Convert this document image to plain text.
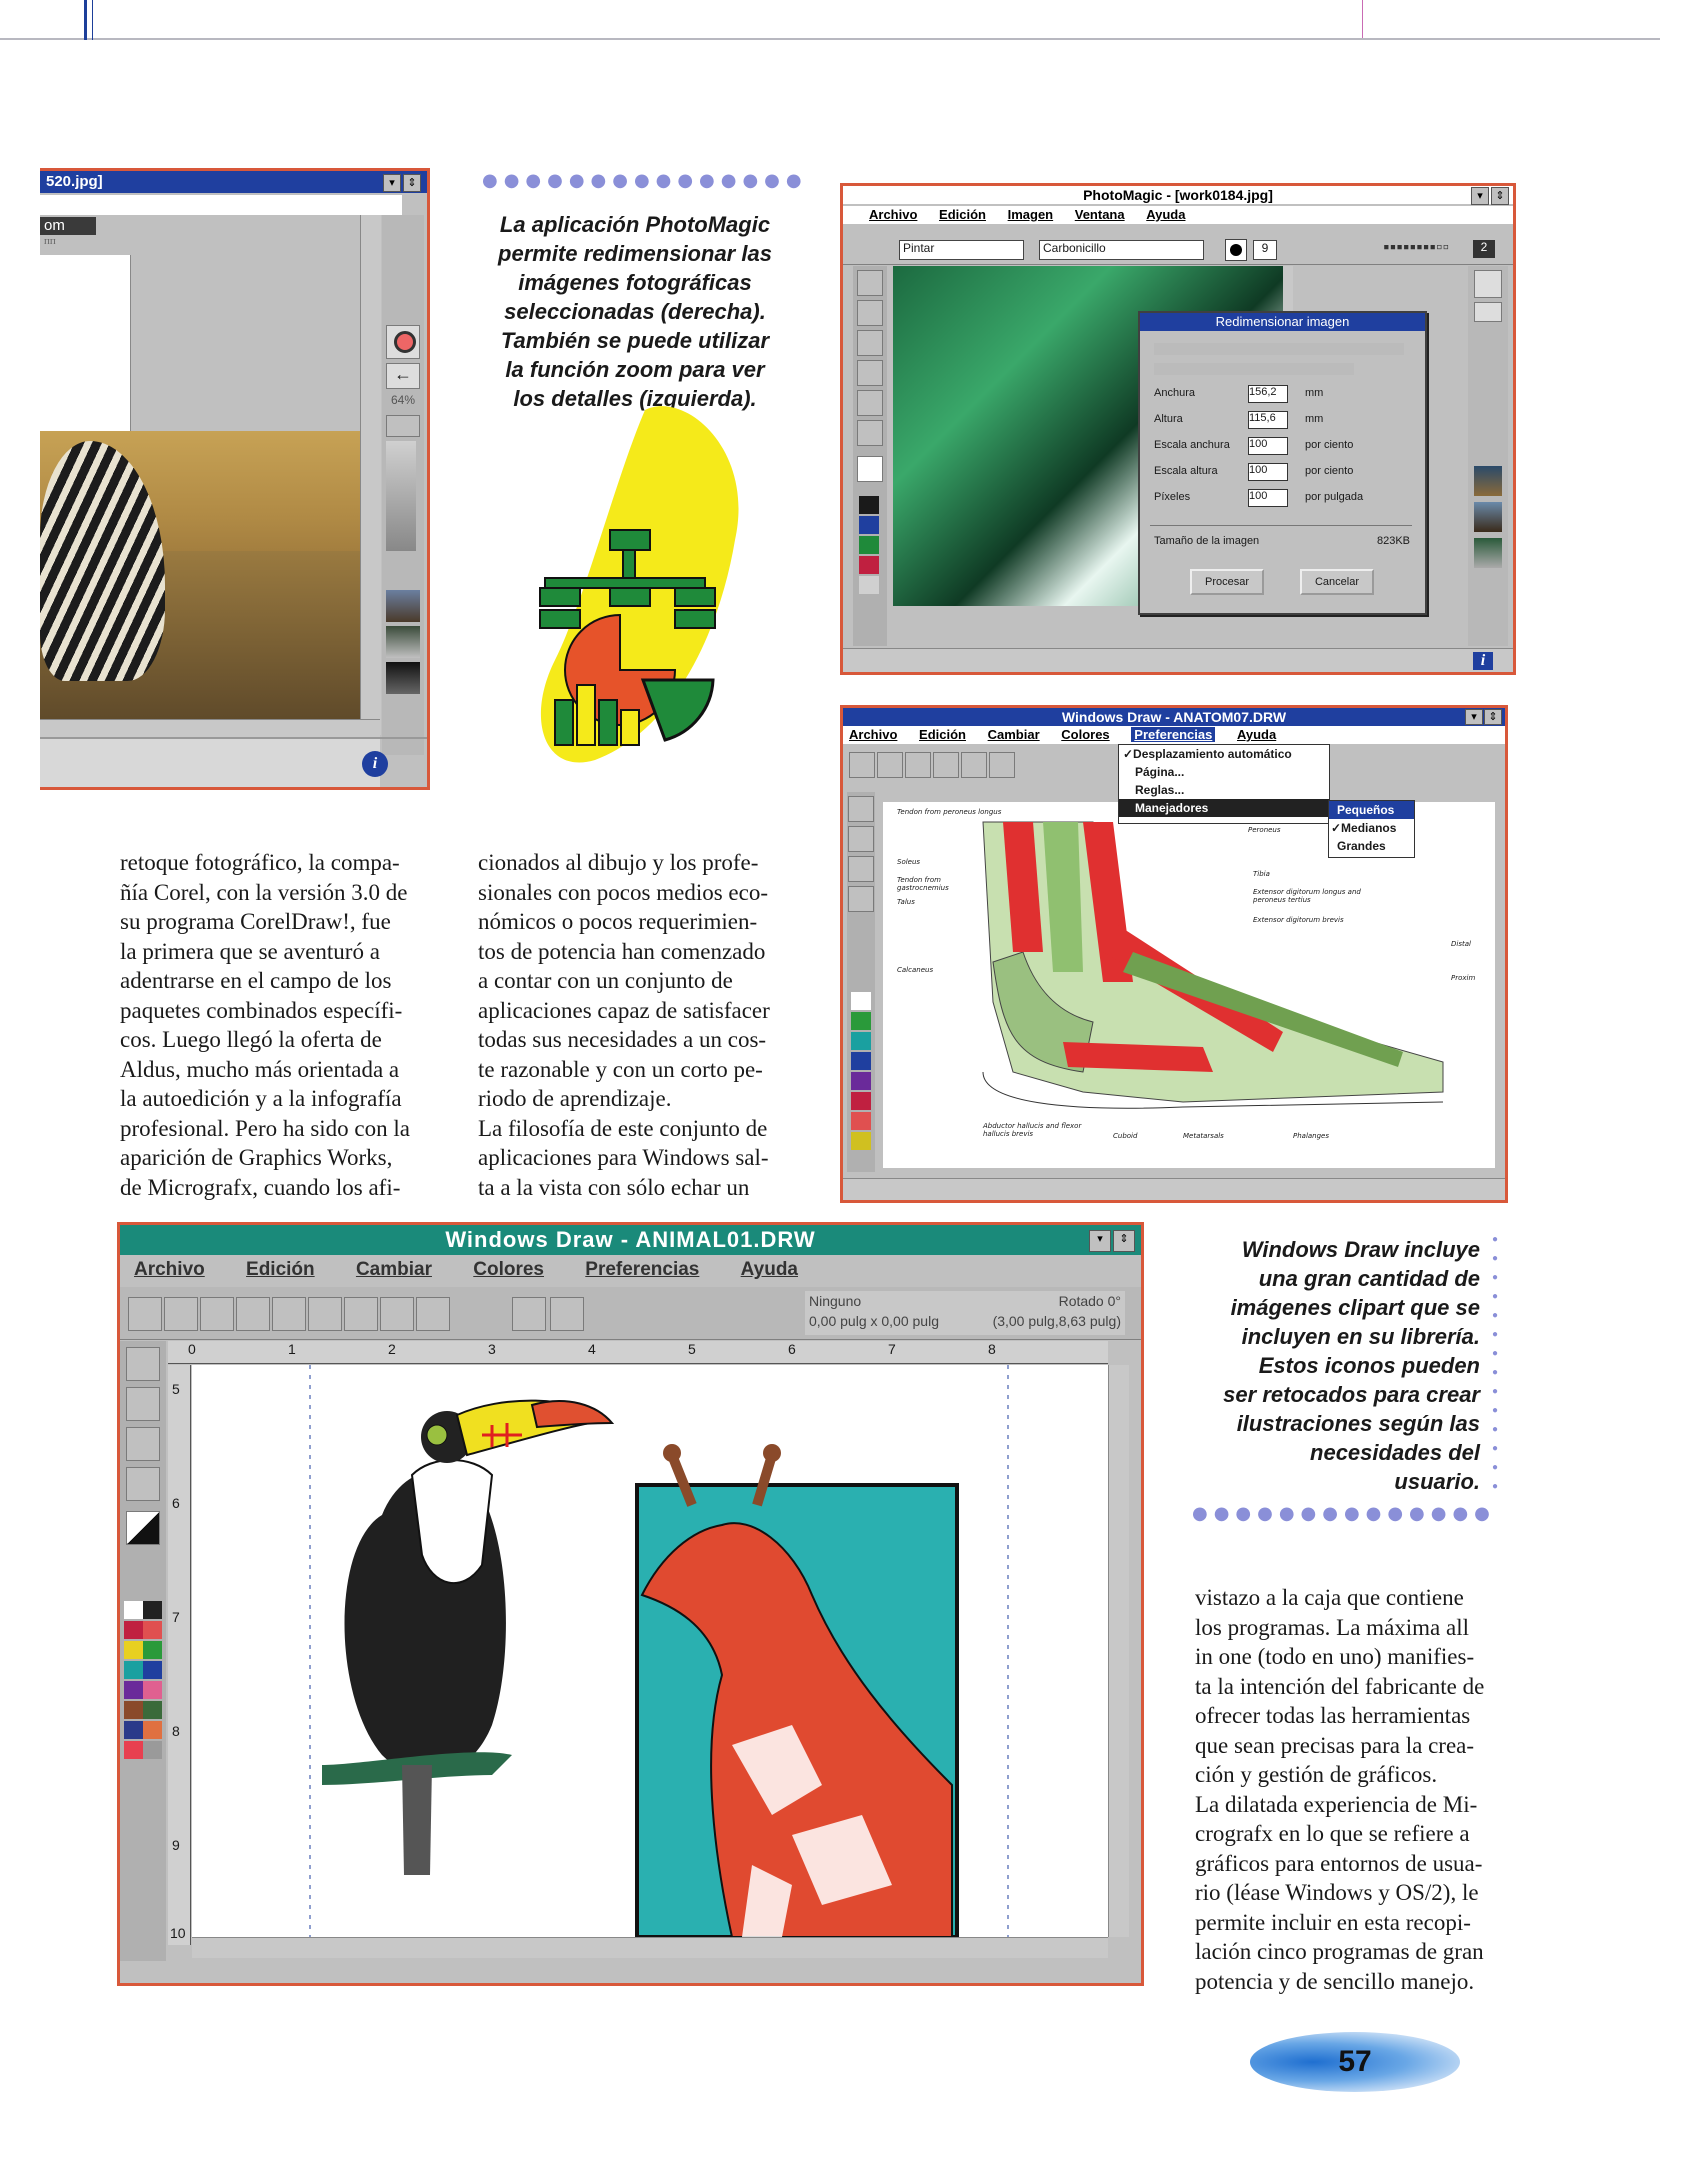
520.jpg]	▾	⇕
om
пп
←
64%
i
●●●●●●●●●●●●●●●
La aplicación PhotoMagic
permite redimensionar las
imágenes fotográficas
seleccionadas (derecha).
También se puede utilizar
la función zoom para ver
los detalles (izquierda).
PhotoMagic - [work0184.jpg]	▾	⇕
Archivo Edición Imagen Ventana Ayuda
Pintar	Carbonicillo	9	▪▪▪▪▪▪▪▪▫▫	2
Redimensionar imagen
Anchura	156,2	mm
Altura	115,6	mm
Escala anchura	100	por ciento
Escala altura	100	por ciento
Píxeles	100	por pulgada
Tamaño de la imagen	823KB
Procesar	Cancelar
i
Windows Draw - ANATOM07.DRW	▾	⇕
Archivo Edición Cambiar Colores Preferencias Ayuda
Tendon from peroneus longus
Soleus
Tendon from gastrocnemius
Talus
Calcaneus
Tibia
Extensor digitorum longus and peroneus tertius
Extensor digitorum brevis
Abductor hallucis and flexor hallucis brevis	Cuboid	Metatarsals	Phalanges
Peroneus
Distal
Proxim
✓Desplazamiento automático
Página...
Reglas...
Manejadores	Pequeños
✓Medianos
Grandes
retoque fotográfico, la compa-
ñía Corel, con la versión 3.0 de
su programa CorelDraw!, fue
la primera que se aventuró a
adentrarse en el campo de los
paquetes combinados específi-
cos. Luego llegó la oferta de
Aldus, mucho más orientada a
la autoedición y a la infografía
profesional. Pero ha sido con la
aparición de Graphics Works,
de Micrografx, cuando los afi-
cionados al dibujo y los profe-
sionales con pocos medios eco-
nómicos o pocos requerimien-
tos de potencia han comenzado
a contar con un conjunto de
aplicaciones capaz de satisfacer
todas sus necesidades a un cos-
te razonable y con un corto pe-
riodo de aprendizaje.
La filosofía de este conjunto de
aplicaciones para Windows sal-
ta a la vista con sólo echar un
Windows Draw - ANIMAL01.DRW	▾	⇕
Archivo Edición Cambiar Colores Preferencias Ayuda
Ninguno	Rotado 0°
0,00 pulg x 0,00 pulg	(3,00 pulg,8,63 pulg)
0	1	2	3	4	5	6	7	8
5
6
7
8
9
10
Windows Draw incluye
una gran cantidad de
imágenes clipart que se
incluyen en su librería.
Estos iconos pueden
ser retocados para crear
ilustraciones según las
necesidades del
usuario.
●
●
●
●
●
●
●
●
●
●
●
●
●
●
●●●●●●●●●●●●●●
vistazo a la caja que contiene
los programas. La máxima all
in one (todo en uno) manifies-
ta la intención del fabricante de
ofrecer todas las herramientas
que sean precisas para la crea-
ción y gestión de gráficos.
La dilatada experiencia de Mi-
crografx en lo que se refiere a
gráficos para entornos de usua-
rio (léase Windows y OS/2), le
permite incluir en esta recopi-
lación cinco programas de gran
potencia y de sencillo manejo.
57
